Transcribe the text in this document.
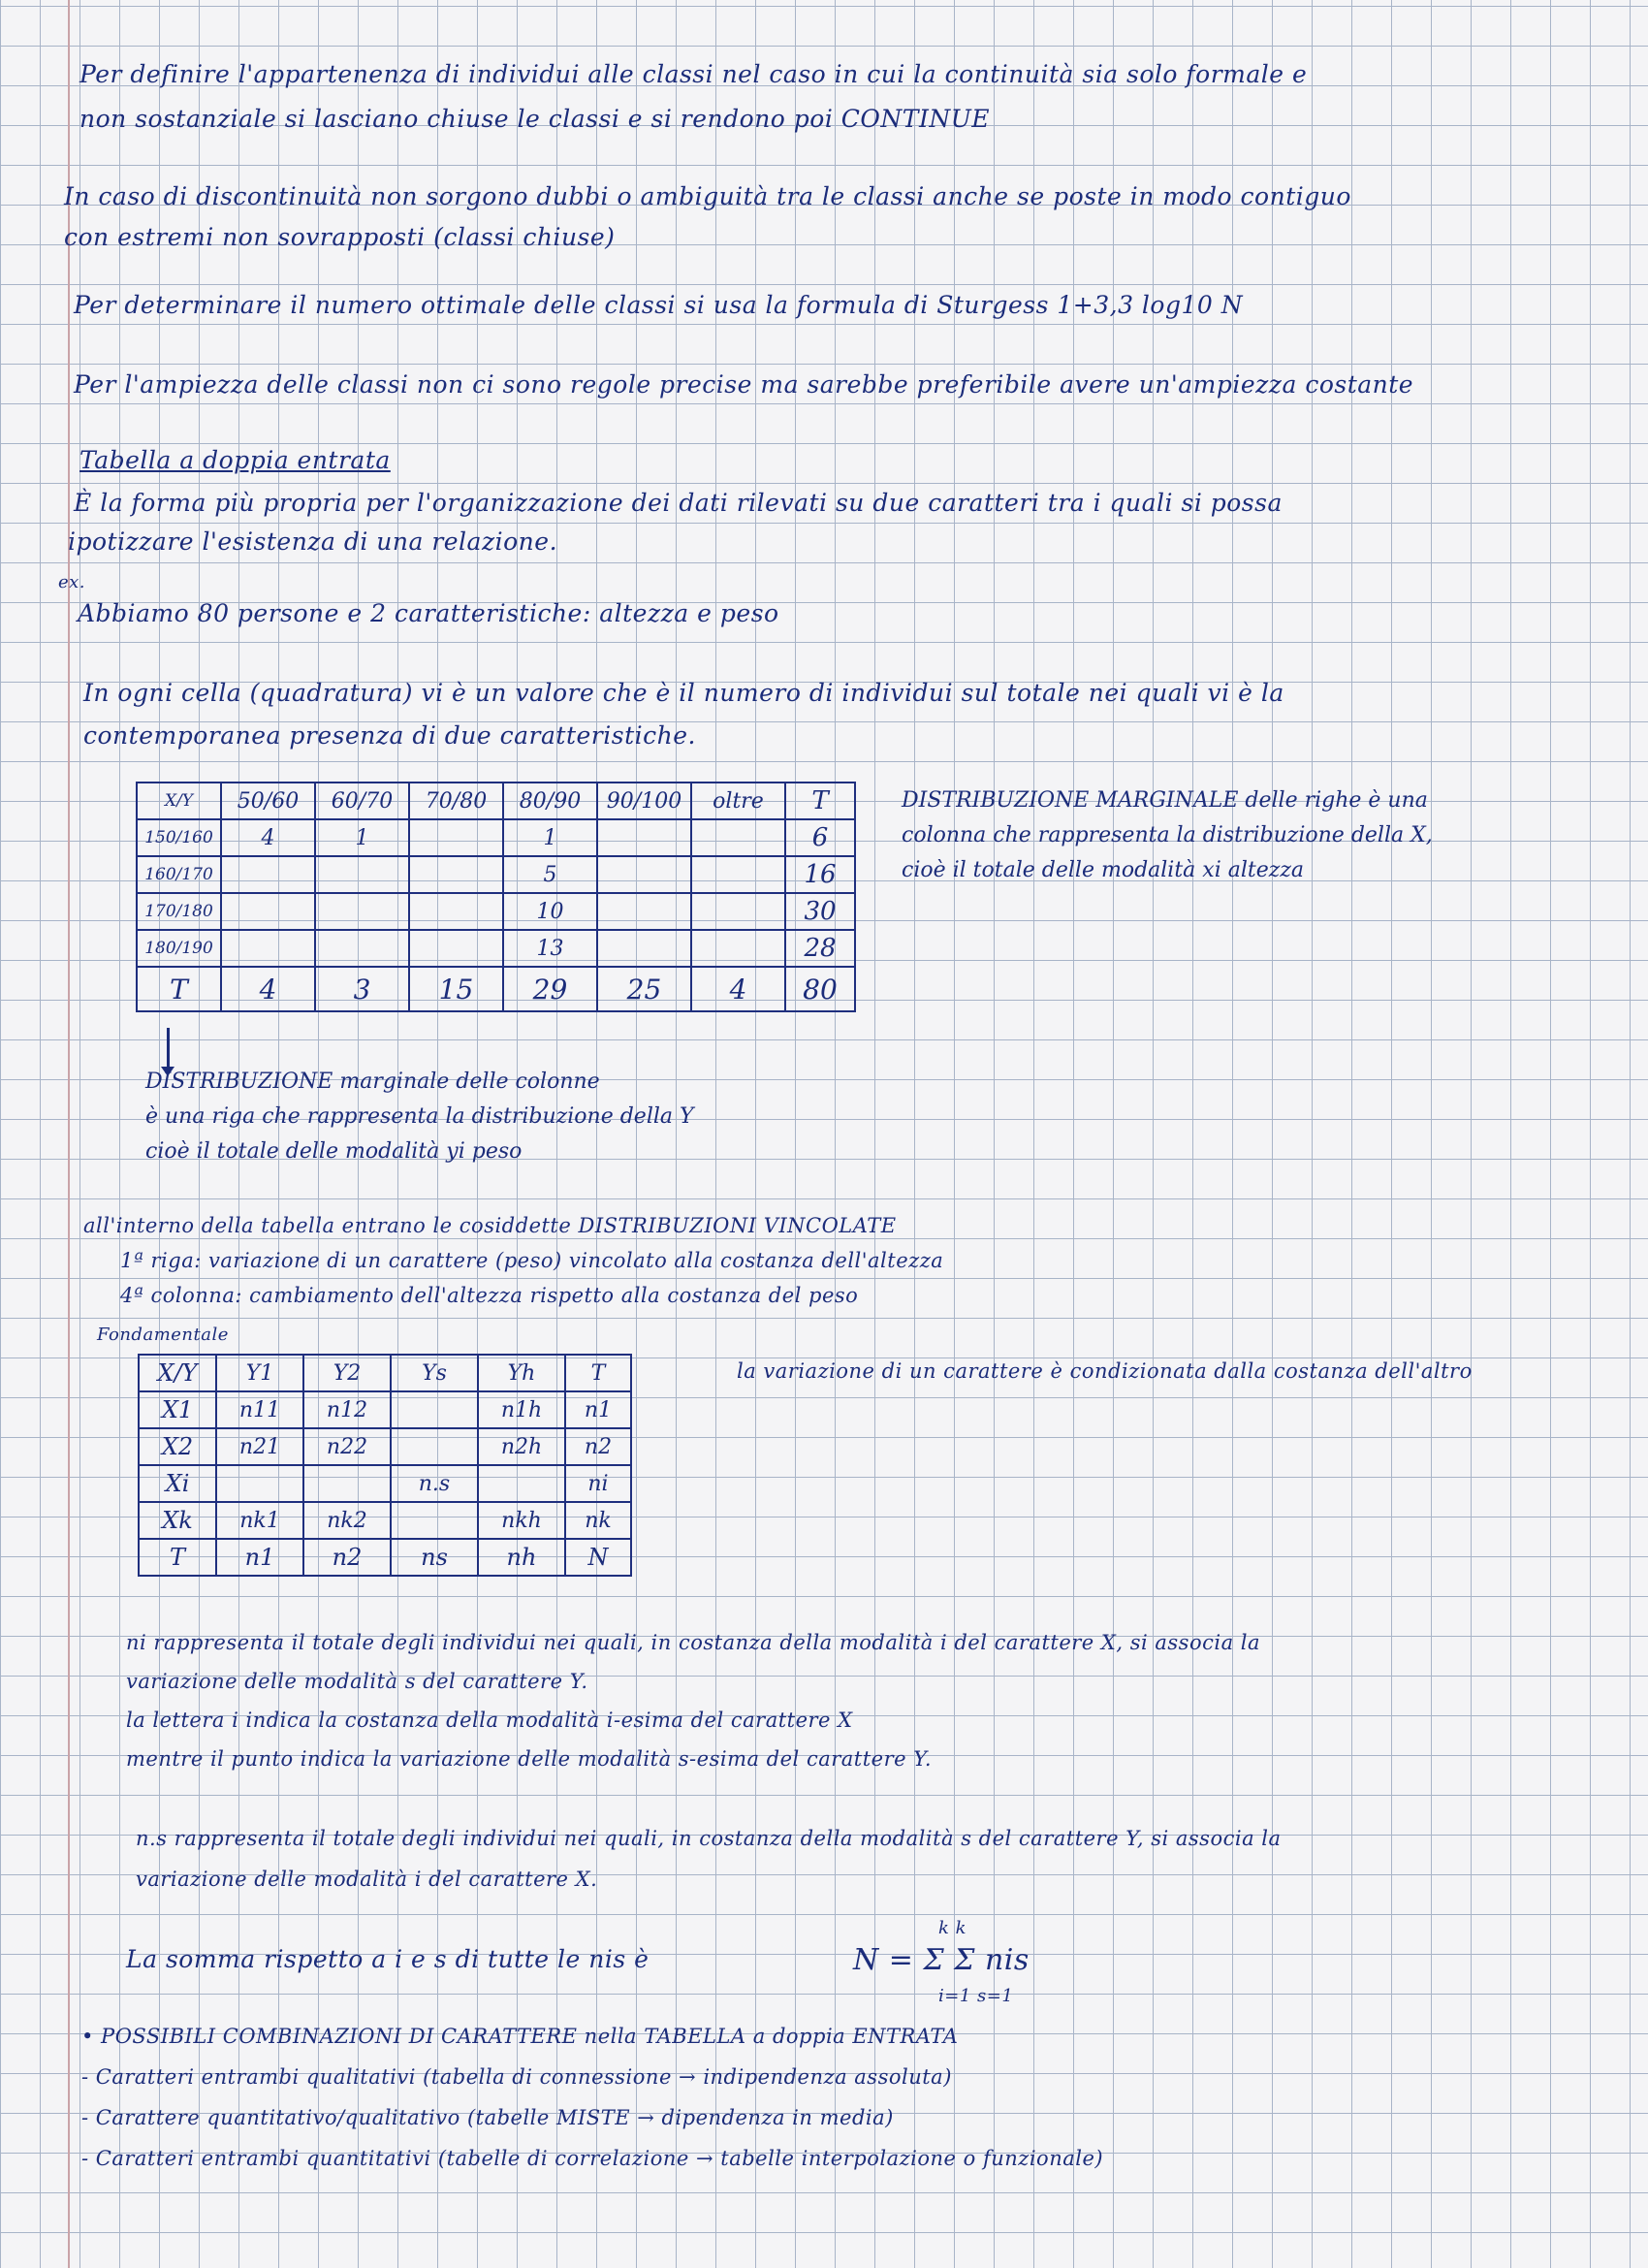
Per definire l'appartenenza di individui alle classi nel caso in cui la continuità sia solo formale e

non sostanziale si lasciano chiuse le classi e si rendono poi CONTINUE

In caso di discontinuità non sorgono dubbi o ambiguità tra le classi anche se poste in modo contiguo

con estremi non sovrapposti (classi chiuse)

Per determinare il numero ottimale delle classi si usa la formula di Sturgess 1+3,3 log10 N

Per l'ampiezza delle classi non ci sono regole precise ma sarebbe preferibile avere un'ampiezza costante

Tabella a doppia entrata

È la forma più propria per l'organizzazione dei dati rilevati su due caratteri tra i quali si possa

ipotizzare l'esistenza di una relazione.

ex.

Abbiamo 80 persone e 2 caratteristiche: altezza e peso

In ogni cella (quadratura) vi è un valore che è il numero di individui sul totale nei quali vi è la

contemporanea presenza di due caratteristiche.

X/Y	50/60	60/70	70/80	80/90	90/100	oltre	T
150/160	4	1		1			6
160/170				5			16
170/180				10			30
180/190				13			28
T	4	3	15	29	25	4	80
DISTRIBUZIONE MARGINALE delle righe è una
colonna che rappresenta la distribuzione della X,
cioè il totale delle modalità xi altezza
DISTRIBUZIONE marginale delle colonne
è una riga che rappresenta la distribuzione della Y
cioè il totale delle modalità yi peso

all'interno della tabella entrano le cosiddette DISTRIBUZIONI VINCOLATE

1ª riga: variazione di un carattere (peso) vincolato alla costanza dell'altezza

4ª colonna: cambiamento dell'altezza rispetto alla costanza del peso

Fondamentale

X/Y	Y1	Y2	Ys	Yh	T
X1	n11	n12		n1h	n1
X2	n21	n22		n2h	n2
Xi			n.s		ni
Xk	nk1	nk2		nkh	nk
T	n1	n2	ns	nh	N

la variazione di un carattere è condizionata dalla costanza dell'altro

ni rappresenta il totale degli individui nei quali, in costanza della modalità i del carattere X, si associa la

variazione delle modalità s del carattere Y.

la lettera i indica la costanza della modalità i-esima del carattere X

mentre il punto indica la variazione delle modalità s-esima del carattere Y.

n.s rappresenta il totale degli individui nei quali, in costanza della modalità s del carattere Y, si associa la

variazione delle modalità i del carattere X.

La somma rispetto a i e s di tutte le nis è

k k

N = Σ Σ nis

i=1 s=1

• POSSIBILI COMBINAZIONI DI CARATTERE nella TABELLA a doppia ENTRATA

- Caratteri entrambi qualitativi (tabella di connessione → indipendenza assoluta)

- Carattere quantitativo/qualitativo (tabelle MISTE → dipendenza in media)

- Caratteri entrambi quantitativi (tabelle di correlazione → tabelle interpolazione o funzionale)
